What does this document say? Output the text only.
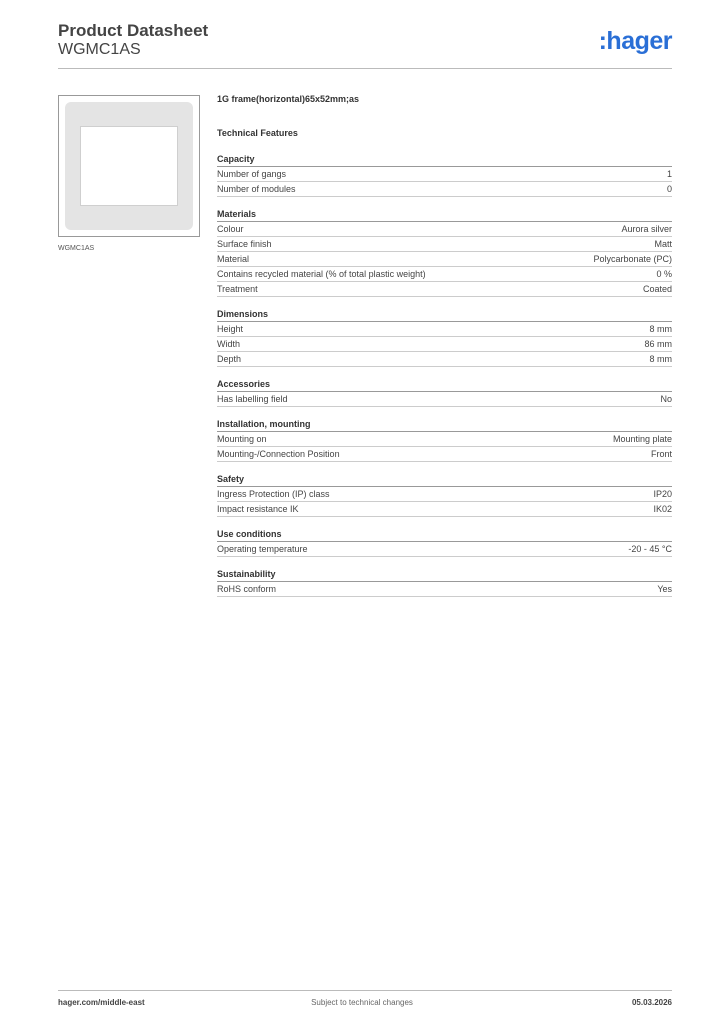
Product Datasheet
WGMC1AS	:hager
WGMC1AS
1G frame(horizontal)65x52mm;as
Technical Features
Capacity
Number of gangs	1
Number of modules	0
Materials
Colour	Aurora silver
Surface finish	Matt
Material	Polycarbonate (PC)
Contains recycled material (% of total plastic weight)	0 %
Treatment	Coated
Dimensions
Height	8 mm
Width	86 mm
Depth	8 mm
Accessories
Has labelling field	No
Installation, mounting
Mounting on	Mounting plate
Mounting-/Connection Position	Front
Safety
Ingress Protection (IP) class	IP20
Impact resistance IK	IK02
Use conditions
Operating temperature	-20 - 45 °C
Sustainability
RoHS conform	Yes
hager.com/middle-east	Subject to technical changes	05.03.2026
